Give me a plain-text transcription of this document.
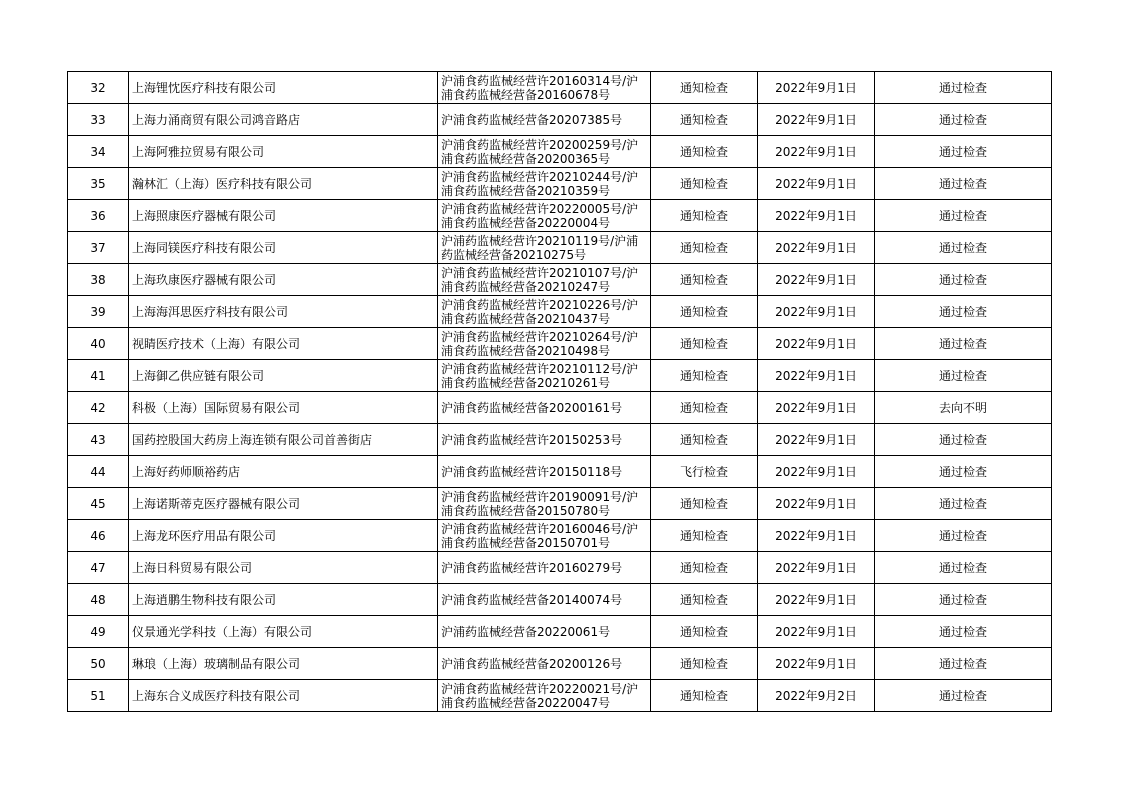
32	上海锂忱医疗科技有限公司	沪浦食药监械经营许20160314号/沪浦食药监械经营备20160678号	通知检查	2022年9月1日	通过检查
33	上海力涌商贸有限公司鸿音路店	沪浦食药监械经营备20207385号	通知检查	2022年9月1日	通过检查
34	上海阿雅拉贸易有限公司	沪浦食药监械经营许20200259号/沪浦食药监械经营备20200365号	通知检查	2022年9月1日	通过检查
35	瀚林汇（上海）医疗科技有限公司	沪浦食药监械经营许20210244号/沪浦食药监械经营备20210359号	通知检查	2022年9月1日	通过检查
36	上海照康医疗器械有限公司	沪浦食药监械经营许20220005号/沪浦食药监械经营备20220004号	通知检查	2022年9月1日	通过检查
37	上海同镁医疗科技有限公司	沪浦药监械经营许20210119号/沪浦药监械经营备20210275号	通知检查	2022年9月1日	通过检查
38	上海玖康医疗器械有限公司	沪浦食药监械经营许20210107号/沪浦食药监械经营备20210247号	通知检查	2022年9月1日	通过检查
39	上海海洱思医疗科技有限公司	沪浦食药监械经营许20210226号/沪浦食药监械经营备20210437号	通知检查	2022年9月1日	通过检查
40	视睛医疗技术（上海）有限公司	沪浦食药监械经营许20210264号/沪浦食药监械经营备20210498号	通知检查	2022年9月1日	通过检查
41	上海御乙供应链有限公司	沪浦食药监械经营许20210112号/沪浦食药监械经营备20210261号	通知检查	2022年9月1日	通过检查
42	科极（上海）国际贸易有限公司	沪浦食药监械经营备20200161号	通知检查	2022年9月1日	去向不明
43	国药控股国大药房上海连锁有限公司首善街店	沪浦食药监械经营许20150253号	通知检查	2022年9月1日	通过检查
44	上海好药师顺裕药店	沪浦食药监械经营许20150118号	飞行检查	2022年9月1日	通过检查
45	上海诺斯蒂克医疗器械有限公司	沪浦食药监械经营许20190091号/沪浦食药监械经营备20150780号	通知检查	2022年9月1日	通过检查
46	上海龙环医疗用品有限公司	沪浦食药监械经营许20160046号/沪浦食药监械经营备20150701号	通知检查	2022年9月1日	通过检查
47	上海日科贸易有限公司	沪浦食药监械经营许20160279号	通知检查	2022年9月1日	通过检查
48	上海逍鹏生物科技有限公司	沪浦食药监械经营备20140074号	通知检查	2022年9月1日	通过检查
49	仪景通光学科技（上海）有限公司	沪浦药监械经营备20220061号	通知检查	2022年9月1日	通过检查
50	琳琅（上海）玻璃制品有限公司	沪浦食药监械经营备20200126号	通知检查	2022年9月1日	通过检查
51	上海东合义成医疗科技有限公司	沪浦食药监械经营许20220021号/沪浦食药监械经营备20220047号	通知检查	2022年9月2日	通过检查
